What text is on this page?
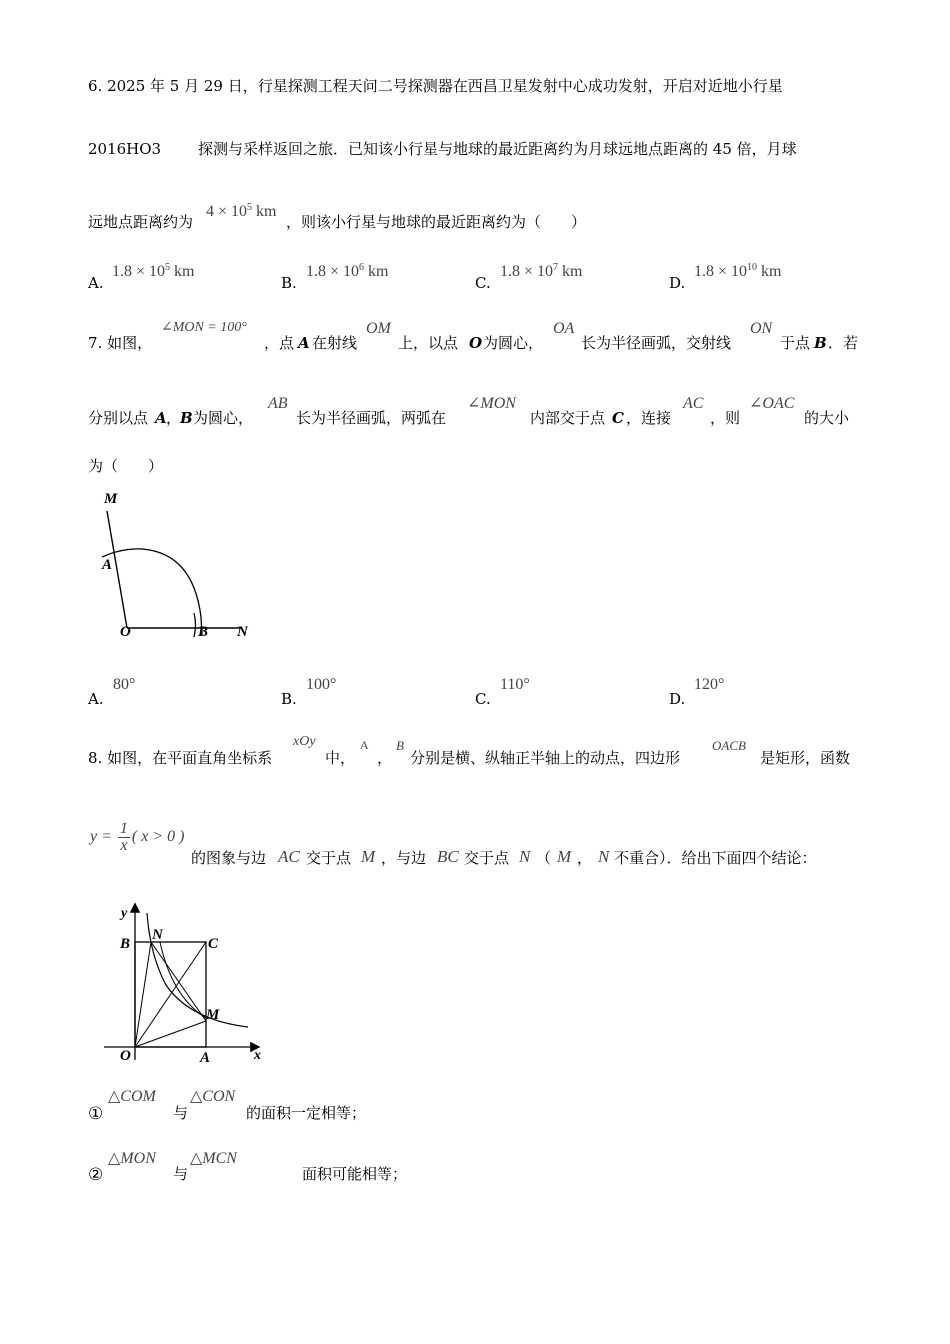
6. 2025 年 5 月 29 日，行星探测工程天问二号探测器在西昌卫星发射中心成功发射，开启对近地小行星
2016HO3 探测与采样返回之旅．已知该小行星与地球的最近距离约为月球远地点距离的 45 倍，月球
远地点距离约为
$4 \times 10^5$ km
，则该小行星与地球的最近距离约为（　　）
A.
$1.8 \times 10^5$ km
B.
$1.8 \times 10^6$ km
C.
$1.8 \times 10^7$ km
D.
$1.8 \times 10^{10}$ km
7. 如图，
∠MON = 100°
，点 A 在射线
OM
上，以点 O 为圆心，
OA
长为半径画弧，交射线
ON
于点 B ．若
分别以点 A ，
B 为圆心，
AB
长为半径画弧，两弧在
∠MON
内部交于点 C ，连接
AC
，则
∠OAC
的大小
为（　　）
M
A
O	B N
A.
80°
B.
100°
C.
110°
D.
120°
8. 如图，在平面直角坐标系
xOy
中，
A
，
B
分别是横、纵轴正半轴上的动点，四边形
OACB
是矩形，函数
$y = \frac{1}{x}$ ( x > 0 )
的图象与边 AC 交于点 M ，与边 BC 交于点 N （ M ， N 不重合）．给出下面四个结论：
y
x
B
N
C
M
O	A
①
△COM
与
△CON
的面积一定相等；
②
△MON
与
△MCN
面积可能相等；
